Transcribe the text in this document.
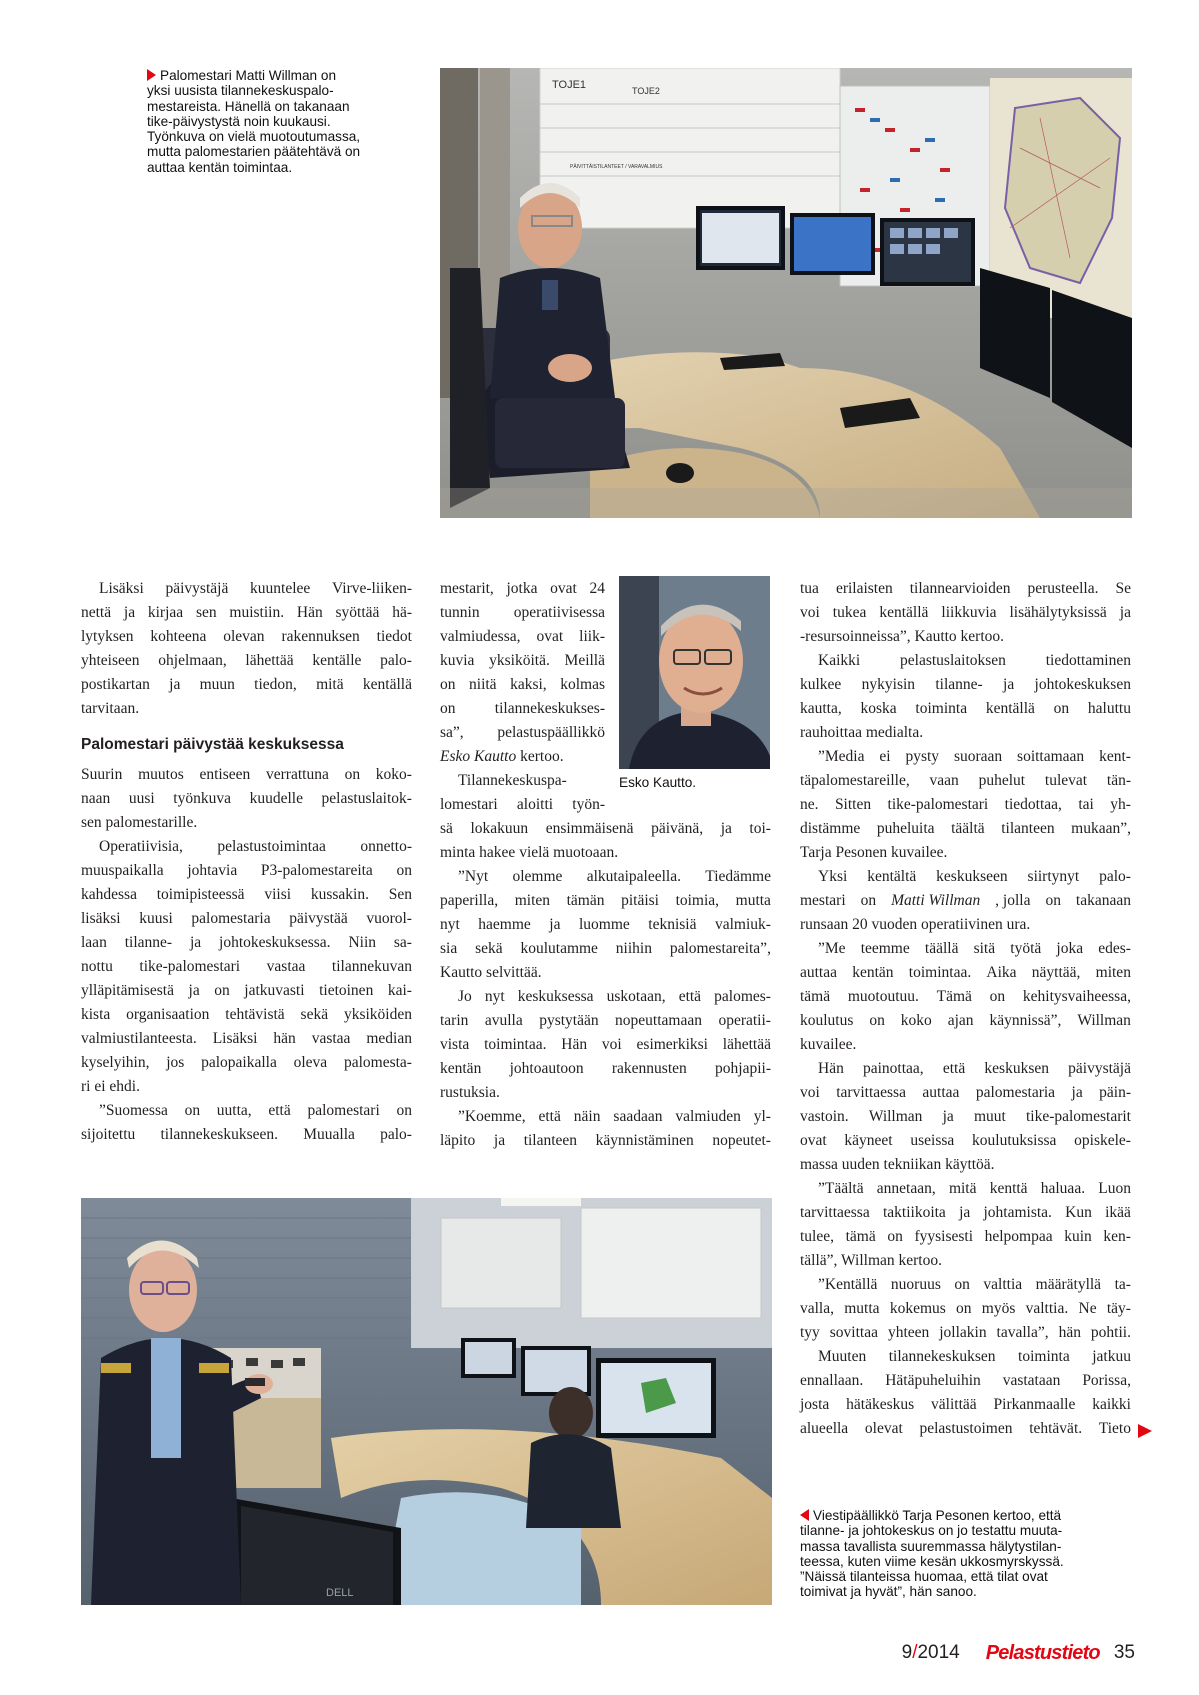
Palomestari Matti Willman on
yksi uusista tilannekeskuspalo-
mestareista. Hänellä on takanaan
tike-päivystystä noin kuukausi.
Työnkuva on vielä muotoutumassa,
mutta palomestarien päätehtävä on
auttaa kentän toimintaa.
TOJE1	TOJE2
PÄIVITTÄISTILANTEET / VARAVALMIUS
Lisäksi päivystäjä kuuntelee Virve-liiken-
nettä ja kirjaa sen muistiin. Hän syöttää hä-
lytyksen kohteena olevan rakennuksen tiedot
yhteiseen ohjelmaan, lähettää kentälle palo-
postikartan ja muun tiedon, mitä kentällä
tarvitaan.
Palomestari päivystää keskuksessa
Suurin muutos entiseen verrattuna on koko-
naan uusi työnkuva kuudelle pelastuslaitok-
sen palomestarille.
Operatiivisia, pelastustoimintaa onnetto-
muuspaikalla johtavia P3-palomestareita on
kahdessa toimipisteessä viisi kussakin. Sen
lisäksi kuusi palomestaria päivystää vuorol-
laan tilanne- ja johtokeskuksessa. Niin sa-
nottu tike-palomestari vastaa tilannekuvan
ylläpitämisestä ja on jatkuvasti tietoinen kai-
kista organisaation tehtävistä sekä yksiköiden
valmiustilanteesta. Lisäksi hän vastaa median
kyselyihin, jos palopaikalla oleva palomesta-
ri ei ehdi.
”Suomessa on uutta, että palomestari on
sijoitettu tilannekeskukseen. Muualla palo-
mestarit, jotka ovat 24
tunnin operatiivisessa
valmiudessa, ovat liik-
kuvia yksiköitä. Meillä
on niitä kaksi, kolmas
on	tilannekeskukses-
sa”, pelastuspäällikkö
Esko Kautto kertoo.
Tilannekeskuspa-
lomestari aloitti työn-
Esko Kautto.
sä lokakuun ensimmäisenä päivänä, ja toi-
minta hakee vielä muotoaan.
”Nyt olemme alkutaipaleella. Tiedämme
paperilla, miten tämän pitäisi toimia, mutta
nyt haemme ja luomme teknisiä valmiuk-
sia sekä koulutamme niihin palomestareita”,
Kautto selvittää.
Jo nyt keskuksessa uskotaan, että palomes-
tarin avulla pystytään nopeuttamaan operatii-
vista toimintaa. Hän voi esimerkiksi lähettää
kentän johtoautoon rakennusten pohjapii-
rustuksia.
”Koemme, että näin saadaan valmiuden yl-
läpito ja tilanteen käynnistäminen nopeutet-
tua erilaisten tilannearvioiden perusteella. Se
voi tukea kentällä liikkuvia lisähälytyksissä ja
-resursoinneissa”, Kautto kertoo.
Kaikki	pelastuslaitoksen	tiedottaminen
kulkee nykyisin tilanne- ja johtokeskuksen
kautta, koska toiminta kentällä on haluttu
rauhoittaa medialta.
”Media ei pysty suoraan soittamaan kent-
täpalomestareille, vaan puhelut tulevat tän-
ne. Sitten tike-palomestari tiedottaa, tai yh-
distämme puheluita täältä tilanteen mukaan”,
Tarja Pesonen kuvailee.
Yksi kentältä keskukseen siirtynyt palo-
mestari on Matti Willman , jolla on takanaan
runsaan 20 vuoden operatiivinen ura.
”Me teemme täällä sitä työtä joka edes-
auttaa kentän toimintaa. Aika näyttää, miten
tämä muotoutuu. Tämä on kehitysvaiheessa,
koulutus on koko ajan käynnissä”, Willman
kuvailee.
Hän painottaa, että keskuksen päivystäjä
voi tarvittaessa auttaa palomestaria ja päin-
vastoin. Willman ja muut tike-palomestarit
ovat käyneet useissa koulutuksissa opiskele-
massa uuden tekniikan käyttöä.
”Täältä annetaan, mitä kenttä haluaa. Luon
tarvittaessa taktiikoita ja johtamista. Kun ikää
tulee, tämä on fyysisesti helpompaa kuin ken-
tällä”, Willman kertoo.
”Kentällä nuoruus on valttia määrätyllä ta-
valla, mutta kokemus on myös valttia. Ne täy-
tyy sovittaa yhteen jollakin tavalla”, hän pohtii.
Muuten tilannekeskuksen toiminta jatkuu
ennallaan. Hätäpuheluihin vastataan Porissa,
josta hätäkeskus välittää Pirkanmaalle kaikki
alueella olevat pelastustoimen tehtävät. Tieto
DELL
Viestipäällikkö Tarja Pesonen kertoo, että
tilanne- ja johtokeskus on jo testattu muuta-
massa tavallista suuremmassa hälytystilan-
teessa, kuten viime kesän ukkosmyrskyssä.
”Näissä tilanteissa huomaa, että tilat ovat
toimivat ja hyvät”, hän sanoo.
9/2014 Pelastustieto 35
